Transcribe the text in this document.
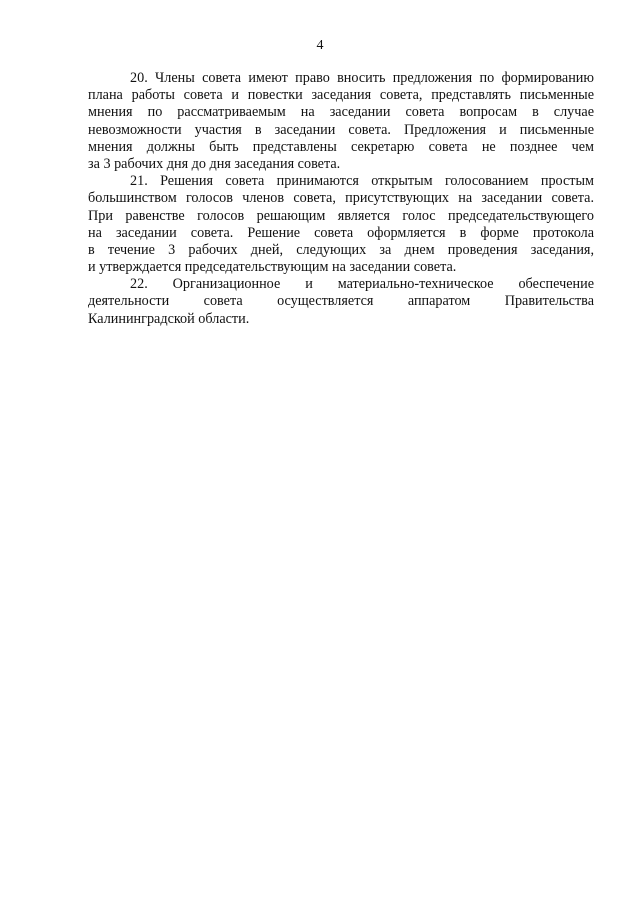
4
20. Члены совета имеют право вносить предложения по формированию
плана работы совета и повестки заседания совета, представлять письменные
мнения по рассматриваемым на заседании совета вопросам в случае
невозможности участия в заседании совета. Предложения и письменные
мнения должны быть представлены секретарю совета не позднее чем
за 3 рабочих дня до дня заседания совета.
21. Решения совета принимаются открытым голосованием простым
большинством голосов членов совета, присутствующих на заседании совета.
При равенстве голосов решающим является голос председательствующего
на заседании совета. Решение совета оформляется в форме протокола
в течение 3 рабочих дней, следующих за днем проведения заседания,
и утверждается председательствующим на заседании совета.
22. Организационное и материально-техническое обеспечение
деятельности совета осуществляется аппаратом Правительства
Калининградской области.
